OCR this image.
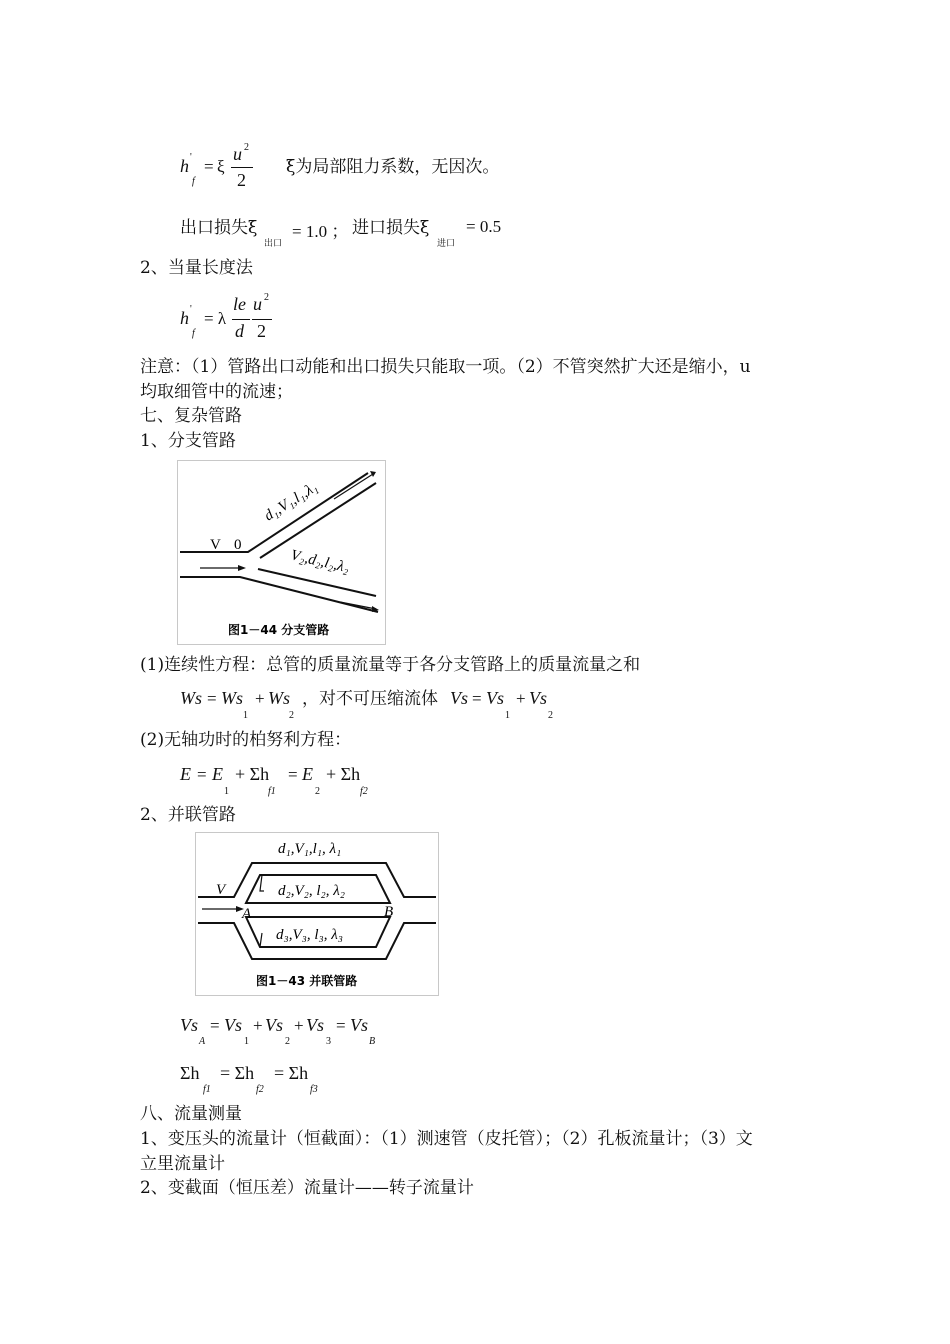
h '
f
= ξ
u 2
2
ξ为局部阻力系数，无因次。
出口损失ξ
出口
= 1.0 ； 进口损失ξ
进口
= 0.5
2、当量长度法
h '
f
= λ
le
d
u 2
2
注意：（1）管路出口动能和出口损失只能取一项。（2）不管突然扩大还是缩小，u
均取细管中的流速；
七、复杂管路
1、分支管路
V 0
d₁,V₁,l₁,λ₁
V₂,d₂,l₂,λ₂
图1－44 分支管路
(1)连续性方程：总管的质量流量等于各分支管路上的质量流量之和
Ws = Ws
1
+ Ws
2
，对不可压缩流体 Vs = Vs
1
+ Vs
2
(2)无轴功时的柏努利方程：
E = E
1
+ Σh
f1
= E
2
+ Σh
f2
2、并联管路
V
A	B
d₁,V₁,l₁, λ₁
d₂,V₂, l₂, λ₂
d₃,V₃, l₃, λ₃
图1－43 并联管路
Vs
A
= Vs
1
+ Vs
2
+ Vs
3
= Vs
B
Σh
f1
= Σh
f2
= Σh
f3
八、流量测量
1、变压头的流量计（恒截面）：（1）测速管（皮托管）；（2）孔板流量计；（3）文
立里流量计
2、变截面（恒压差）流量计——转子流量计
